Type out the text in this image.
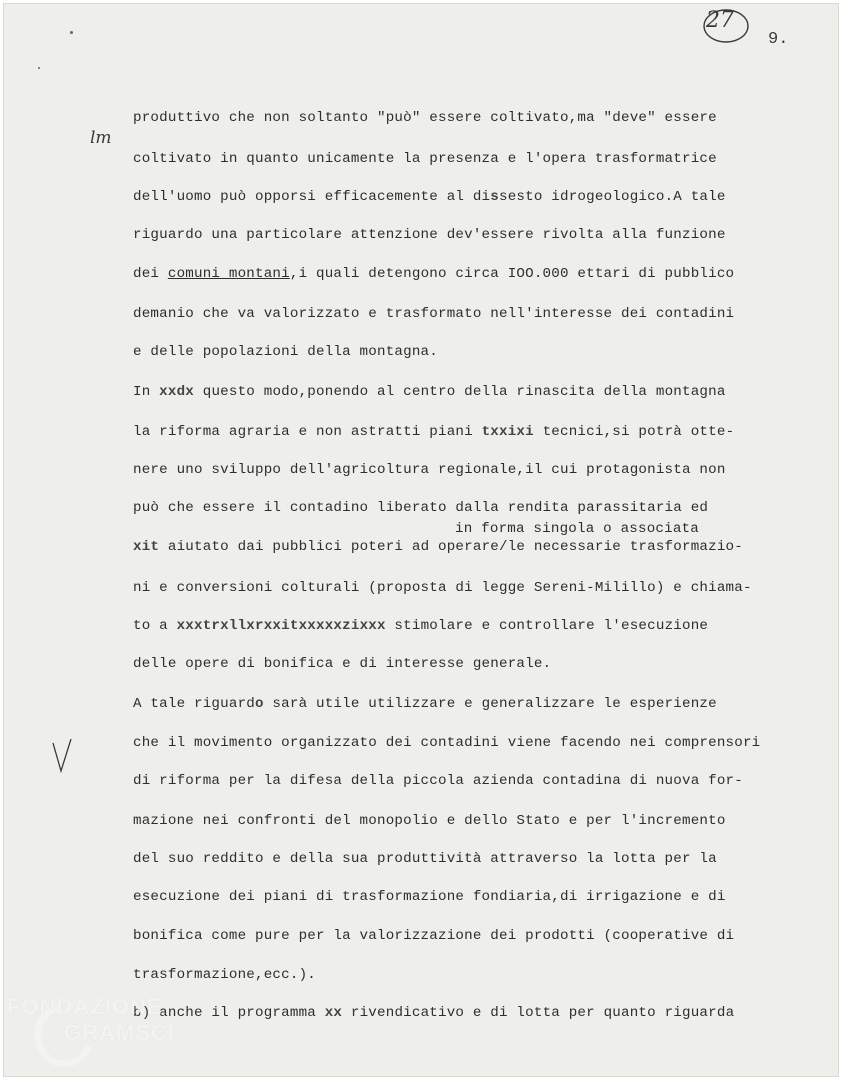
27
9.
lm
produttivo che non soltanto "può" essere coltivato,ma "deve" essere
coltivato in quanto unicamente la presenza e l'opera trasformatrice
dell'uomo può opporsi efficacemente al dissesto idrogeologico.A tale
riguardo una particolare attenzione dev'essere rivolta alla funzione
dei comuni montani,i quali detengono circa IOO.000 ettari di pubblico
demanio che va valorizzato e trasformato nell'interesse dei contadini
e delle popolazioni della montagna.
In xxdx questo modo,ponendo al centro della rinascita della montagna
la riforma agraria e non astratti piani txxixi tecnici,si potrà otte-
nere uno sviluppo dell'agricoltura regionale,il cui protagonista non
può che essere il contadino liberato dalla rendita parassitaria ed
in forma singola o associata
xit aiutato dai pubblici poteri ad operare/le necessarie trasformazio-
ni e conversioni colturali (proposta di legge Sereni-Milillo) e chiama-
to a xxxtrxllxrxxitxxxxxzixxx stimolare e controllare l'esecuzione
delle opere di bonifica e di interesse generale.
A tale riguardo sarà utile utilizzare e generalizzare le esperienze
che il movimento organizzato dei contadini viene facendo nei comprensori
di riforma per la difesa della piccola azienda contadina di nuova for-
mazione nei confronti del monopolio e dello Stato e per l'incremento
del suo reddito e della sua produttività attraverso la lotta per la
esecuzione dei piani di trasformazione fondiaria,di irrigazione e di
bonifica come pure per la valorizzazione dei prodotti (cooperative di
trasformazione,ecc.).
b) anche il programma xx rivendicativo e di lotta per quanto riguarda
FONDAZIONE
GRAMSCI
